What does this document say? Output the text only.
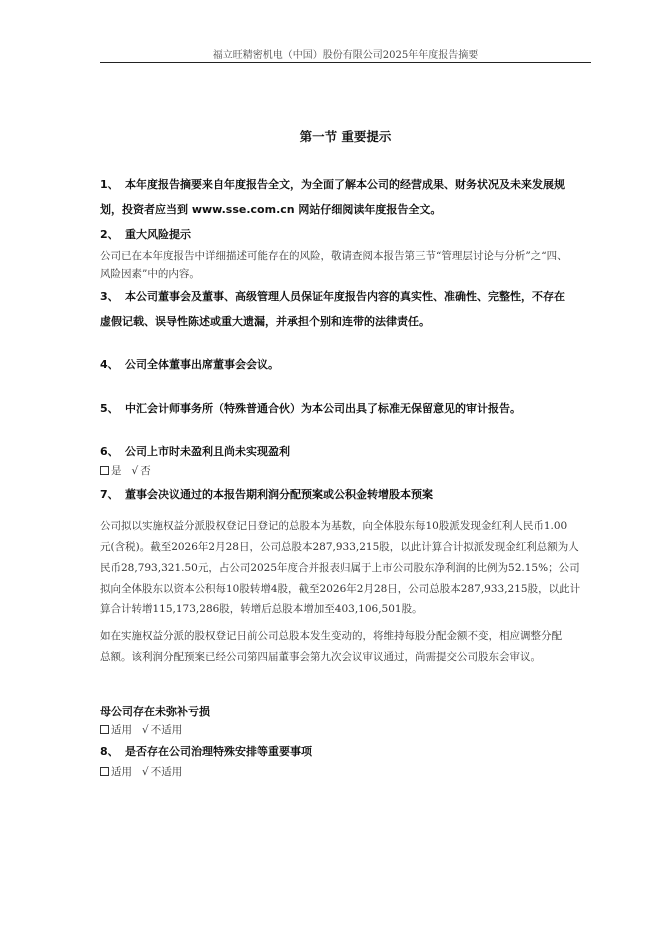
福立旺精密机电（中国）股份有限公司2025年年度报告摘要
第一节 重要提示
1、 本年度报告摘要来自年度报告全文，为全面了解本公司的经营成果、财务状况及未来发展规
划，投资者应当到 www.sse.com.cn 网站仔细阅读年度报告全文。
2、 重大风险提示
公司已在本年度报告中详细描述可能存在的风险，敬请查阅本报告第三节“管理层讨论与分析”之“四、
风险因素”中的内容。
3、 本公司董事会及董事、高级管理人员保证年度报告内容的真实性、准确性、完整性，不存在
虚假记载、误导性陈述或重大遗漏，并承担个别和连带的法律责任。
4、 公司全体董事出席董事会会议。
5、 中汇会计师事务所（特殊普通合伙）为本公司出具了标准无保留意见的审计报告。
6、 公司上市时未盈利且尚未实现盈利
是 √ 否
7、 董事会决议通过的本报告期利润分配预案或公积金转增股本预案
公司拟以实施权益分派股权登记日登记的总股本为基数，向全体股东每10股派发现金红利人民币1.00
元(含税)。截至2026年2月28日，公司总股本287,933,215股，以此计算合计拟派发现金红利总额为人
民币28,793,321.50元，占公司2025年度合并报表归属于上市公司股东净利润的比例为52.15%；公司
拟向全体股东以资本公积每10股转增4股，截至2026年2月28日，公司总股本287,933,215股，以此计
算合计转增115,173,286股，转增后总股本增加至403,106,501股。
如在实施权益分派的股权登记日前公司总股本发生变动的，将维持每股分配金额不变，相应调整分配
总额。该利润分配预案已经公司第四届董事会第九次会议审议通过，尚需提交公司股东会审议。
母公司存在未弥补亏损
适用 √ 不适用
8、 是否存在公司治理特殊安排等重要事项
适用 √ 不适用
